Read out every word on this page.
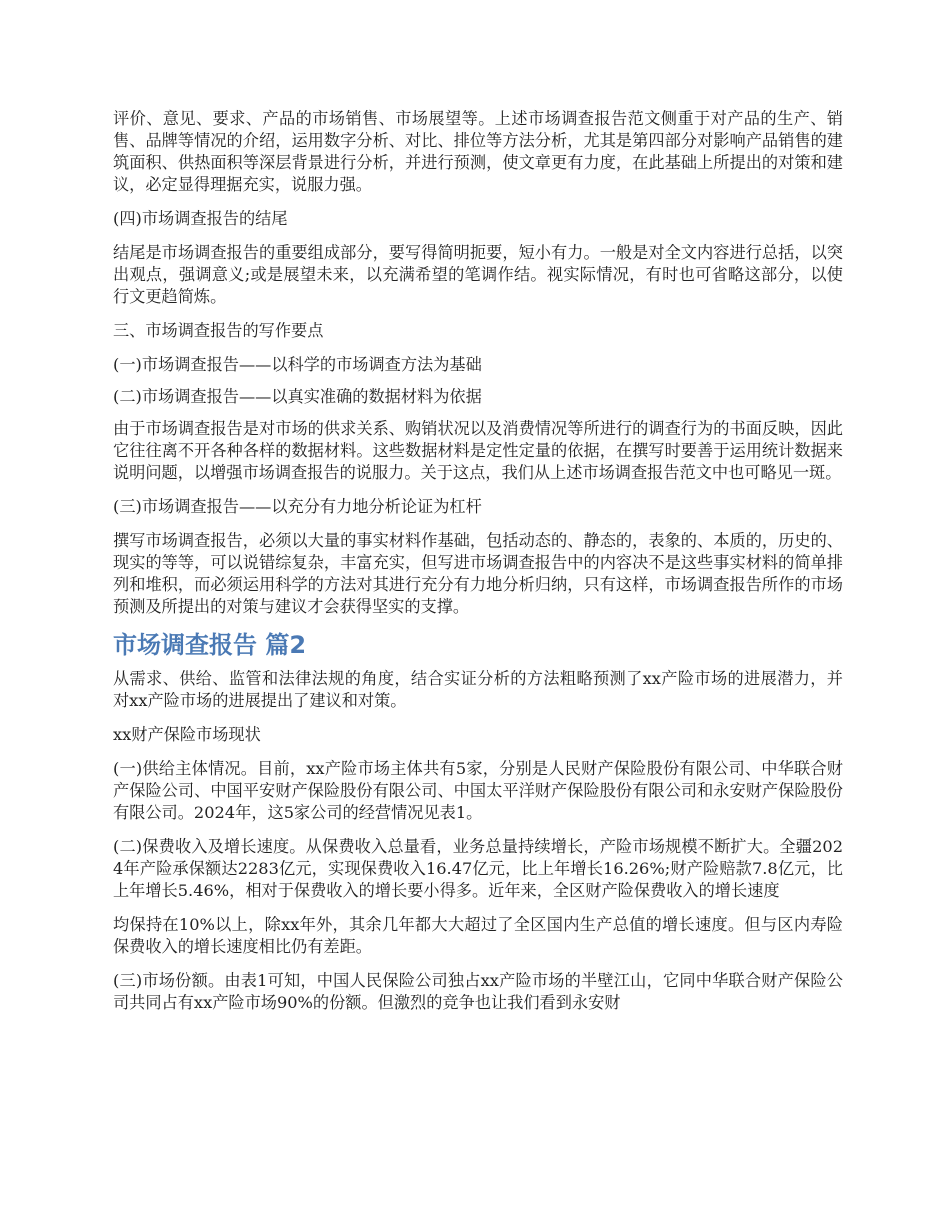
评价、意见、要求、产品的市场销售、市场展望等。上述市场调查报告范文侧重于对产品的生产、销售、品牌等情况的介绍，运用数字分析、对比、排位等方法分析，尤其是第四部分对影响产品销售的建筑面积、供热面积等深层背景进行分析，并进行预测，使文章更有力度，在此基础上所提出的对策和建议，必定显得理据充实，说服力强。

(四)市场调查报告的结尾

结尾是市场调查报告的重要组成部分，要写得简明扼要，短小有力。一般是对全文内容进行总括，以突出观点，强调意义;或是展望未来，以充满希望的笔调作结。视实际情况，有时也可省略这部分，以使行文更趋简炼。

三、市场调查报告的写作要点

(一)市场调查报告——以科学的市场调查方法为基础

(二)市场调查报告——以真实准确的数据材料为依据

由于市场调查报告是对市场的供求关系、购销状况以及消费情况等所进行的调查行为的书面反映，因此它往往离不开各种各样的数据材料。这些数据材料是定性定量的依据，在撰写时要善于运用统计数据来说明问题，以增强市场调查报告的说服力。关于这点，我们从上述市场调查报告范文中也可略见一斑。

(三)市场调查报告——以充分有力地分析论证为杠杆

撰写市场调查报告，必须以大量的事实材料作基础，包括动态的、静态的，表象的、本质的，历史的、现实的等等，可以说错综复杂，丰富充实，但写进市场调查报告中的内容决不是这些事实材料的简单排列和堆积，而必须运用科学的方法对其进行充分有力地分析归纳，只有这样，市场调查报告所作的市场预测及所提出的对策与建议才会获得坚实的支撑。

市场调查报告 篇2

从需求、供给、监管和法律法规的角度，结合实证分析的方法粗略预测了xx产险市场的进展潜力，并对xx产险市场的进展提出了建议和对策。

xx财产保险市场现状

(一)供给主体情况。目前，xx产险市场主体共有5家，分别是人民财产保险股份有限公司、中华联合财产保险公司、中国平安财产保险股份有限公司、中国太平洋财产保险股份有限公司和永安财产保险股份有限公司。2024年，这5家公司的经营情况见表1。

(二)保费收入及增长速度。从保费收入总量看，业务总量持续增长，产险市场规模不断扩大。全疆2024年产险承保额达2283亿元，实现保费收入16.47亿元，比上年增长16.26%;财产险赔款7.8亿元，比上年增长5.46%，相对于保费收入的增长要小得多。近年来，全区财产险保费收入的增长速度

均保持在10%以上，除xx年外，其余几年都大大超过了全区国内生产总值的增长速度。但与区内寿险保费收入的增长速度相比仍有差距。

(三)市场份额。由表1可知，中国人民保险公司独占xx产险市场的半壁江山，它同中华联合财产保险公司共同占有xx产险市场90%的份额。但激烈的竞争也让我们看到永安财
